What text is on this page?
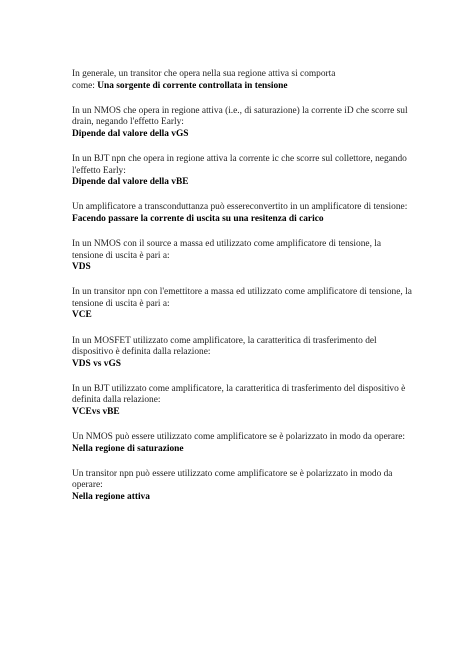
In generale, un transitor che opera nella sua regione attiva si comporta
come: Una sorgente di corrente controllata in tensione
In un NMOS che opera in regione attiva (i.e., di saturazione) la corrente iD che scorre sul drain, negando l'effetto Early:
Dipende dal valore della vGS
In un BJT npn che opera in regione attiva la corrente ic che scorre sul collettore, negando l'effetto Early:
Dipende dal valore della vBE
Un amplificatore a transconduttanza può essereconvertito in un amplificatore di tensione:
Facendo passare la corrente di uscita su una resitenza di carico
In un NMOS con il source a massa ed utilizzato come amplificatore di tensione, la tensione di uscita è pari a:
VDS
In un transitor npn con l'emettitore a massa ed utilizzato come amplificatore di tensione, la tensione di uscita è pari a:
VCE
In un MOSFET utilizzato come amplificatore, la caratteritica di trasferimento del dispositivo è definita dalla relazione:
VDS vs vGS
In un BJT utilizzato come amplificatore, la caratteritica di trasferimento del dispositivo è definita dalla relazione:
VCEvs vBE
Un NMOS può essere utilizzato come amplificatore se è polarizzato in modo da operare:
Nella regione di saturazione
Un transitor npn può essere utilizzato come amplificatore se è polarizzato in modo da operare:
Nella regione attiva
